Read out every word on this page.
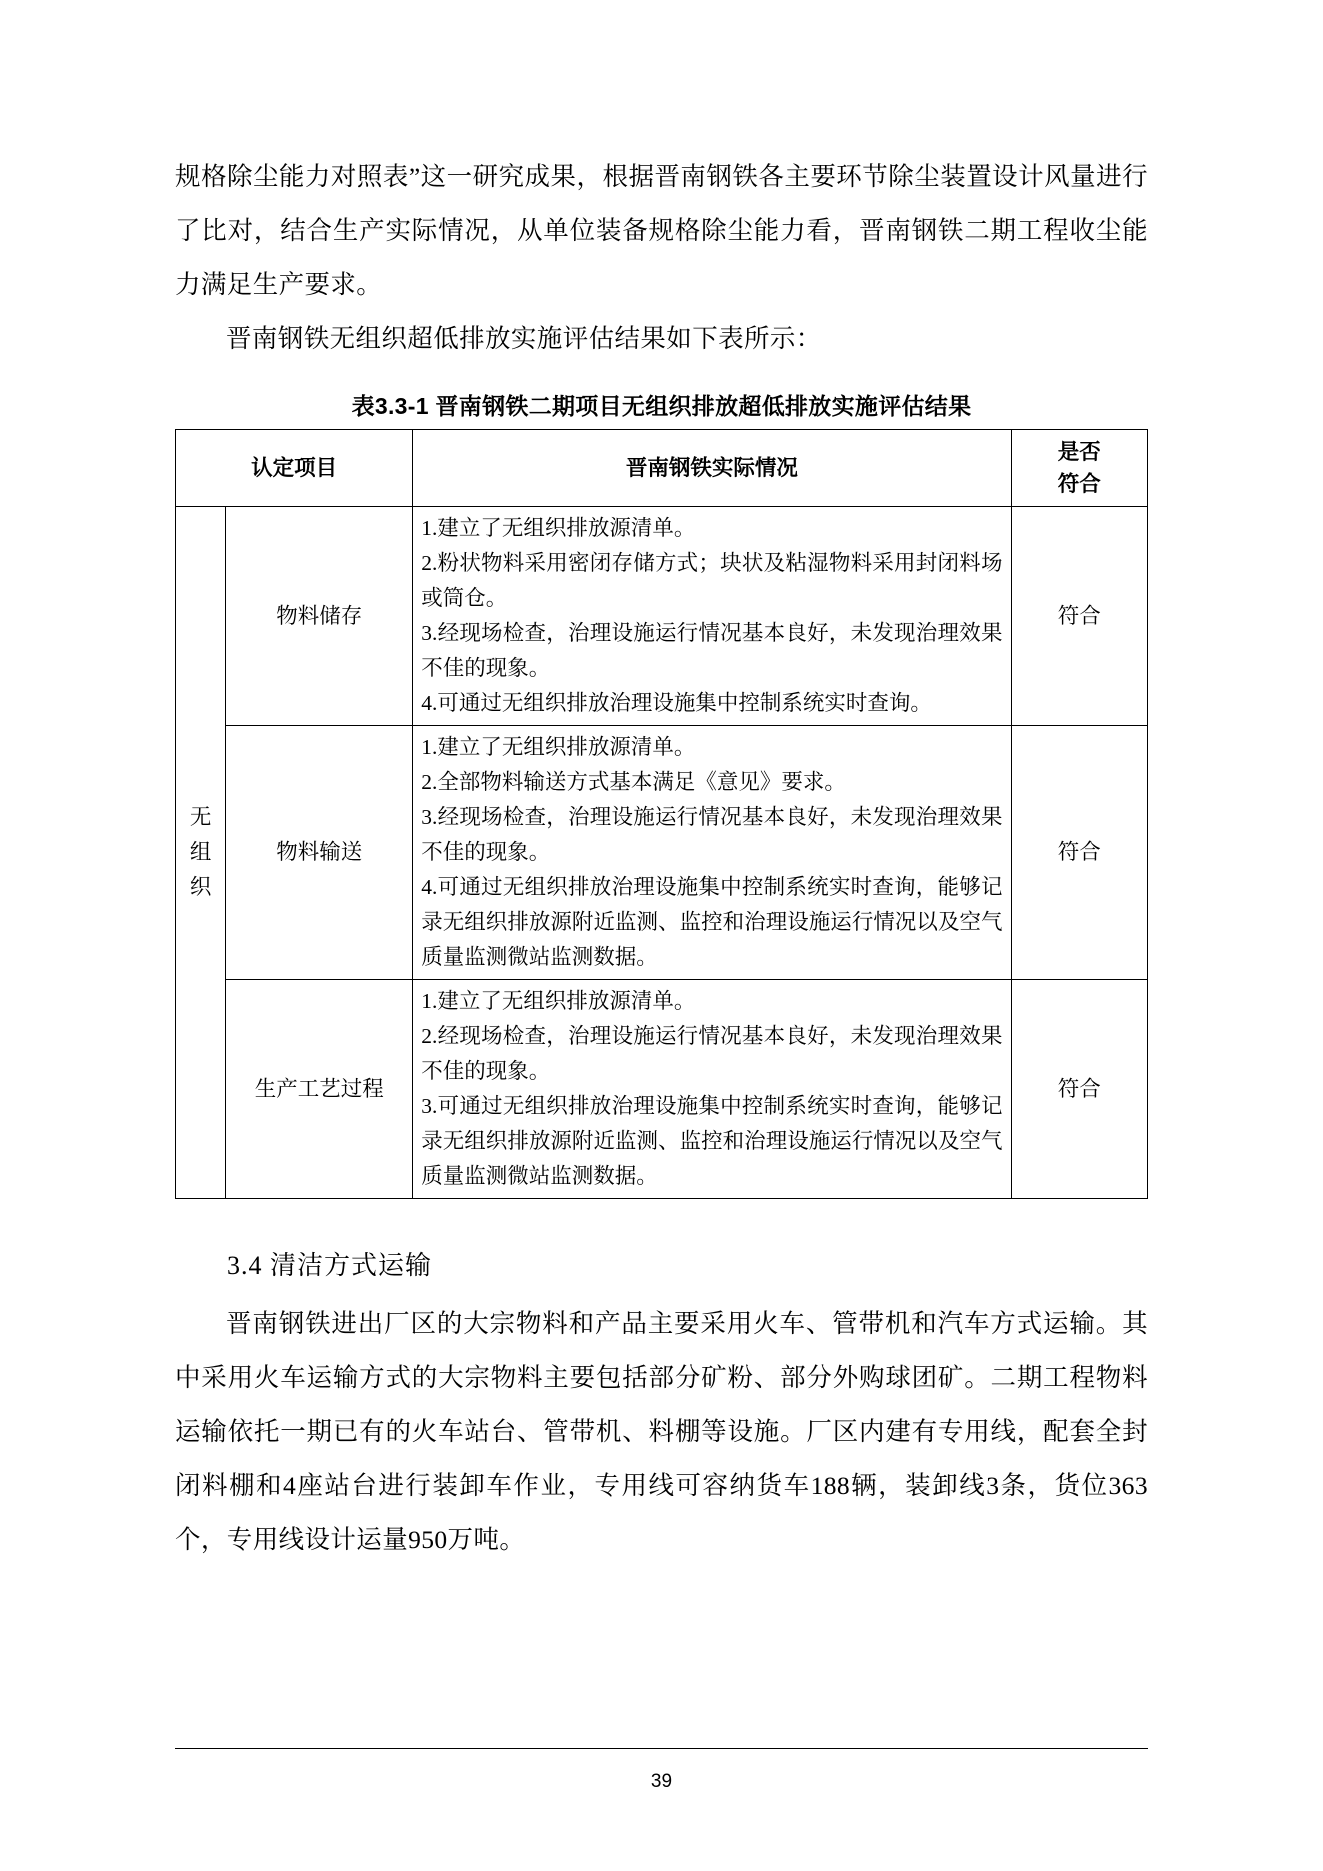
规格除尘能力对照表”这一研究成果，根据晋南钢铁各主要环节除尘装置设计风量进行了比对，结合生产实际情况，从单位装备规格除尘能力看，晋南钢铁二期工程收尘能力满足生产要求。

晋南钢铁无组织超低排放实施评估结果如下表所示：

表3.3-1 晋南钢铁二期项目无组织排放超低排放实施评估结果
认定项目		晋南钢铁实际情况	是否
符合

无组织	物料储存	1.建立了无组织排放源清单。
2.粉状物料采用密闭存储方式；块状及粘湿物料采用封闭料场或筒仓。
3.经现场检查，治理设施运行情况基本良好，未发现治理效果不佳的现象。
4.可通过无组织排放治理设施集中控制系统实时查询。	符合
	物料输送	1.建立了无组织排放源清单。
2.全部物料输送方式基本满足《意见》要求。
3.经现场检查，治理设施运行情况基本良好，未发现治理效果不佳的现象。
4.可通过无组织排放治理设施集中控制系统实时查询，能够记录无组织排放源附近监测、监控和治理设施运行情况以及空气质量监测微站监测数据。	符合
	生产工艺过程	1.建立了无组织排放源清单。
2.经现场检查，治理设施运行情况基本良好，未发现治理效果不佳的现象。
3.可通过无组织排放治理设施集中控制系统实时查询，能够记录无组织排放源附近监测、监控和治理设施运行情况以及空气质量监测微站监测数据。	符合
3.4 清洁方式运输

晋南钢铁进出厂区的大宗物料和产品主要采用火车、管带机和汽车方式运输。其中采用火车运输方式的大宗物料主要包括部分矿粉、部分外购球团矿。二期工程物料运输依托一期已有的火车站台、管带机、料棚等设施。厂区内建有专用线，配套全封闭料棚和4座站台进行装卸车作业，专用线可容纳货车188辆，装卸线3条，货位363个，专用线设计运量950万吨。

39
